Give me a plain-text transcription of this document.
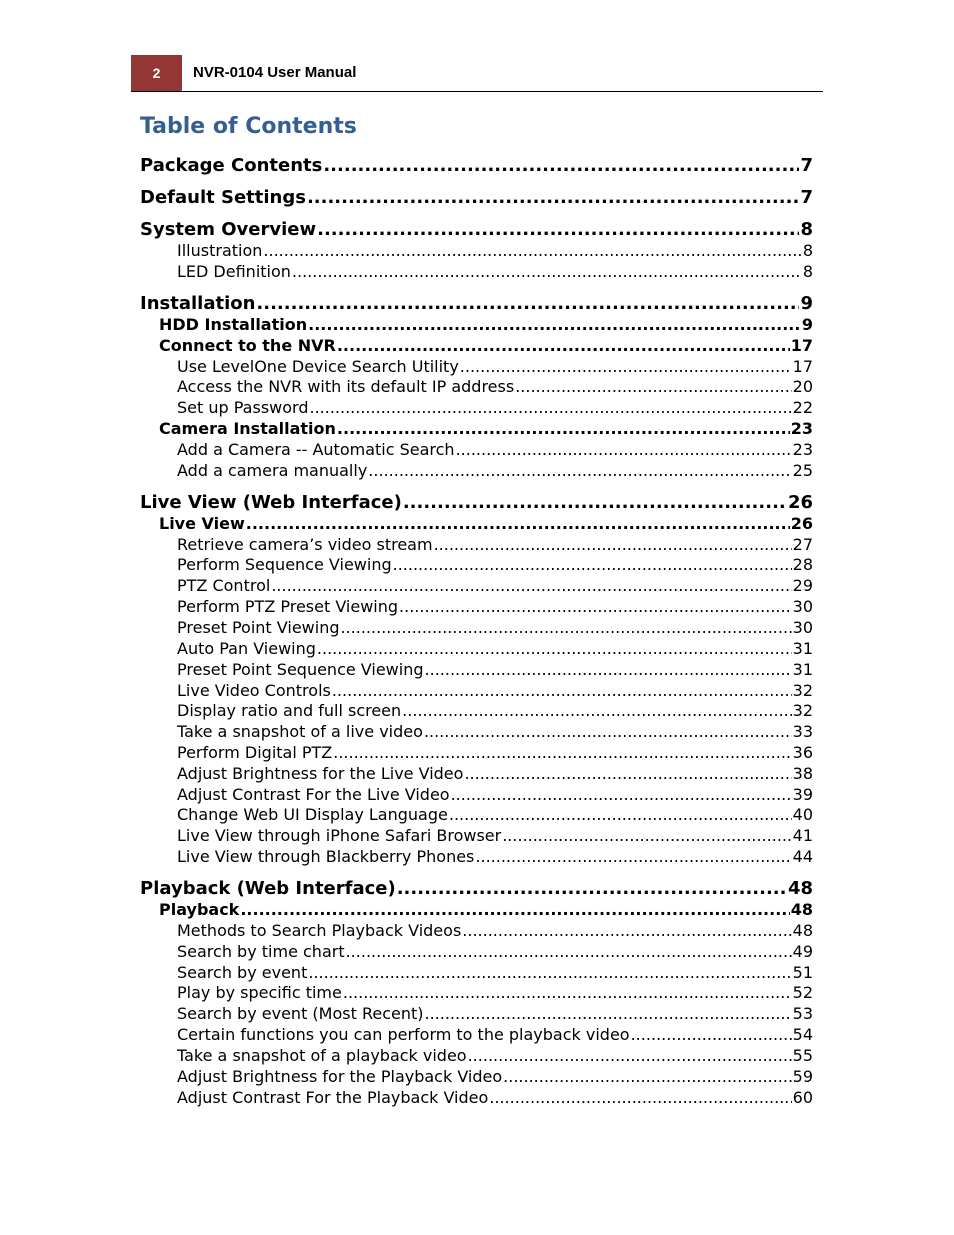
2	NVR-0104 User Manual
Table of Contents
Package Contents .....	7
Default Settings .....	7
System Overview .....	8
Illustration .....	8
LED Definition .....	8
Installation .....	9
HDD Installation .....	9
Connect to the NVR .....	17
Use LevelOne Device Search Utility .....	17
Access the NVR with its default IP address .....	20
Set up Password .....	22
Camera Installation .....	23
Add a Camera -- Automatic Search .....	23
Add a camera manually .....	25
Live View (Web Interface) .....	26
Live View .....	26
Retrieve camera’s video stream .....	27
Perform Sequence Viewing .....	28
PTZ Control .....	29
Perform PTZ Preset Viewing .....	30
Preset Point Viewing .....	30
Auto Pan Viewing .....	31
Preset Point Sequence Viewing .....	31
Live Video Controls .....	32
Display ratio and full screen .....	32
Take a snapshot of a live video .....	33
Perform Digital PTZ .....	36
Adjust Brightness for the Live Video .....	38
Adjust Contrast For the Live Video .....	39
Change Web UI Display Language .....	40
Live View through iPhone Safari Browser .....	41
Live View through Blackberry Phones .....	44
Playback (Web Interface) .....	48
Playback .....	48
Methods to Search Playback Videos .....	48
Search by time chart .....	49
Search by event .....	51
Play by specific time .....	52
Search by event (Most Recent) .....	53
Certain functions you can perform to the playback video .....	54
Take a snapshot of a playback video .....	55
Adjust Brightness for the Playback Video .....	59
Adjust Contrast For the Playback Video .....	60
